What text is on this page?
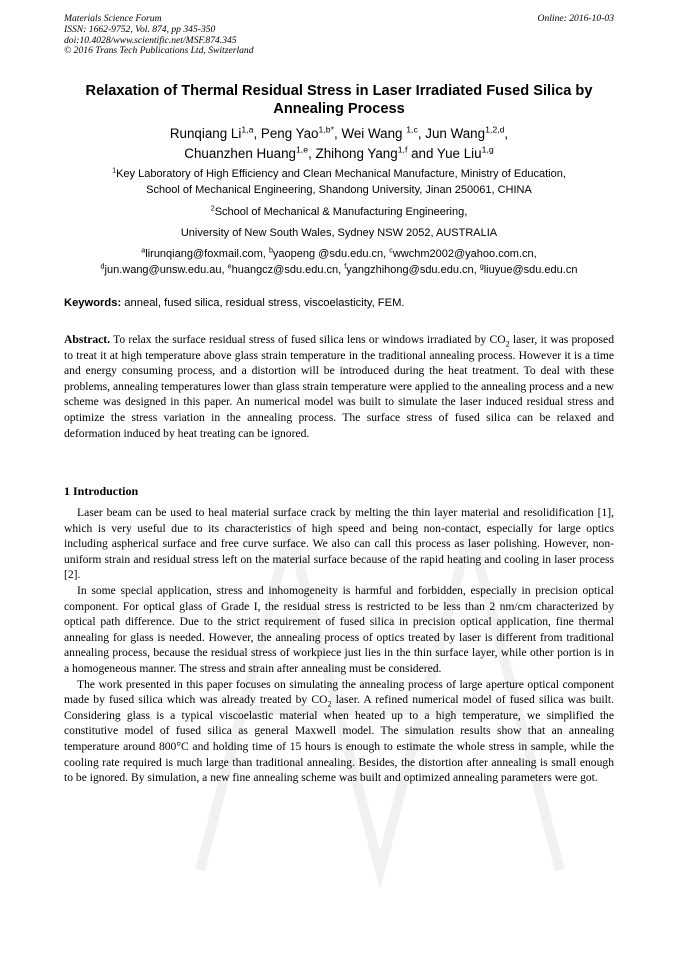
Materials Science Forum
ISSN: 1662-9752, Vol. 874, pp 345-350
doi:10.4028/www.scientific.net/MSF.874.345
© 2016 Trans Tech Publications Ltd, Switzerland
Online: 2016-10-03
Relaxation of Thermal Residual Stress in Laser Irradiated Fused Silica by
Annealing Process
Runqiang Li$^{1,a}$, Peng Yao$^{1,b*}$, Wei Wang $^{1,c}$, Jun Wang$^{1,2,d}$,
Chuanzhen Huang$^{1,e}$, Zhihong Yang$^{1,f}$ and Yue Liu$^{1,g}$
$^1$Key Laboratory of High Efficiency and Clean Mechanical Manufacture, Ministry of Education,
School of Mechanical Engineering, Shandong University, Jinan 250061, CHINA
$^2$School of Mechanical & Manufacturing Engineering,
University of New South Wales, Sydney NSW 2052, AUSTRALIA
$^a$lirunqiang@foxmail.com, $^b$yaopeng @sdu.edu.cn, $^c$wwchm2002@yahoo.com.cn,
$^d$jun.wang@unsw.edu.au, $^e$huangcz@sdu.edu.cn, $^f$yangzhihong@sdu.edu.cn, $^g$liuyue@sdu.edu.cn
Keywords: anneal, fused silica, residual stress, viscoelasticity, FEM.

Abstract. To relax the surface residual stress of fused silica lens or windows irradiated by $CO_2$ laser, it was proposed to treat it at high temperature above glass strain temperature in the traditional annealing process. However it is a time and energy consuming process, and a distortion will be introduced during the heat treatment. To deal with these problems, annealing temperatures lower than glass strain temperature were applied to the annealing process and a new scheme was designed in this paper. An numerical model was built to simulate the laser induced residual stress and optimize the stress variation in the annealing process. The surface stress of fused silica can be relaxed and deformation induced by heat treating can be ignored.

1 Introduction

Laser beam can be used to heal material surface crack by melting the thin layer material and resolidification [1], which is very useful due to its characteristics of high speed and being non-contact, especially for large optics including aspherical surface and free curve surface. We also can call this process as laser polishing. However, non-uniform strain and residual stress left on the material surface because of the rapid heating and cooling in laser process [2].

In some special application, stress and inhomogeneity is harmful and forbidden, especially in precision optical component. For optical glass of Grade I, the residual stress is restricted to be less than 2 nm/cm characterized by optical path difference. Due to the strict requirement of fused silica in precision optical application, fine thermal annealing for glass is needed. However, the annealing process of optics treated by laser is different from traditional annealing process, because the residual stress of workpiece just lies in the thin surface layer, while other portion is in a homogeneous manner. The stress and strain after annealing must be considered.

The work presented in this paper focuses on simulating the annealing process of large aperture optical component made by fused silica which was already treated by $CO_2$ laser. A refined numerical model of fused silica was built. Considering glass is a typical viscoelastic material when heated up to a high temperature, we simplified the constitutive model of fused silica as general Maxwell model. The simulation results show that an annealing temperature around 800°C and holding time of 15 hours is enough to estimate the whole stress in sample, while the cooling rate required is much large than traditional annealing. Besides, the distortion after annealing is small enough to be ignored. By simulation, a new fine annealing scheme was built and optimized annealing parameters were got.
